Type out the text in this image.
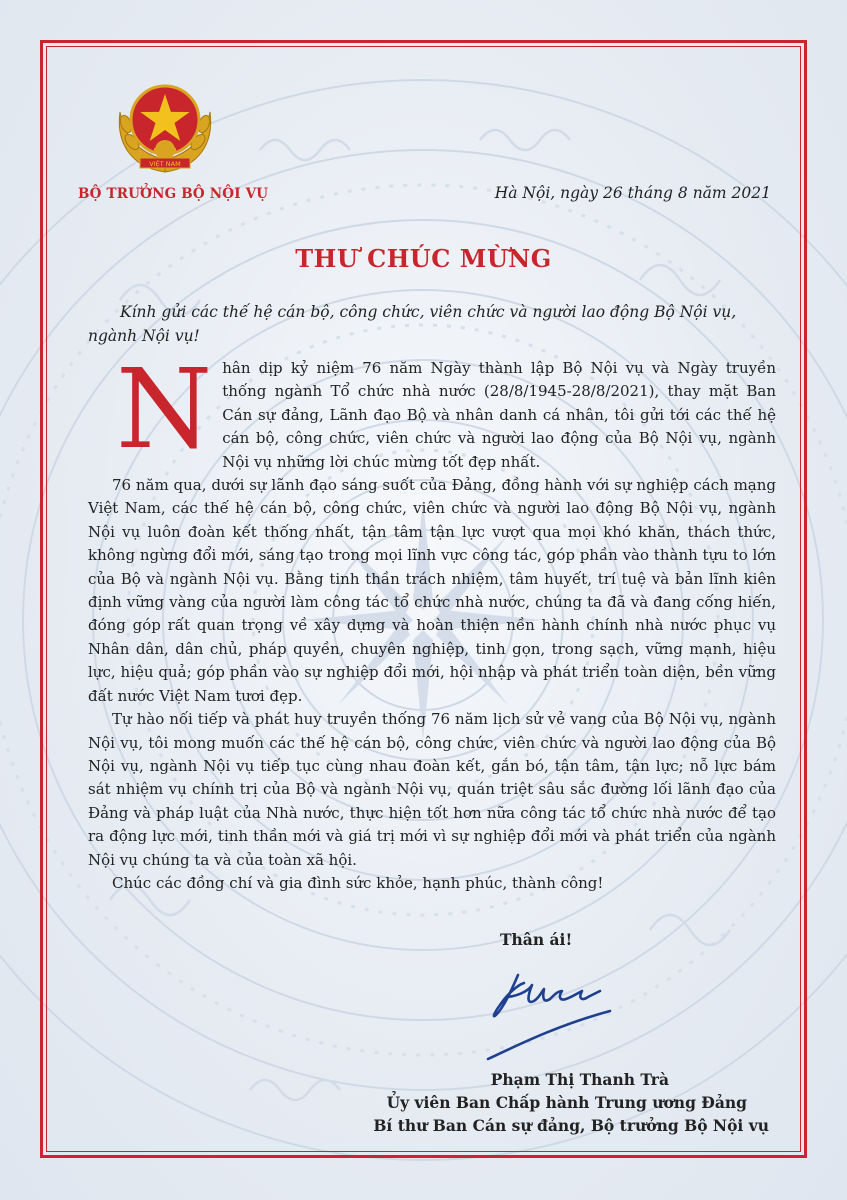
VIỆT NAM
BỘ TRƯỞNG BỘ NỘI VỤ	Hà Nội, ngày 26 tháng 8 năm 2021
THƯ CHÚC MỪNG
Kính gửi các thế hệ cán bộ, công chức, viên chức và người lao động Bộ Nội vụ, ngành Nội vụ!

Nhân dịp kỷ niệm 76 năm Ngày thành lập Bộ Nội vụ và Ngày truyền thống ngành Tổ chức nhà nước (28/8/1945-28/8/2021), thay mặt Ban Cán sự đảng, Lãnh đạo Bộ và nhân danh cá nhân, tôi gửi tới các thế hệ cán bộ, công chức, viên chức và người lao động của Bộ Nội vụ, ngành Nội vụ những lời chúc mừng tốt đẹp nhất.

76 năm qua, dưới sự lãnh đạo sáng suốt của Đảng, đồng hành với sự nghiệp cách mạng Việt Nam, các thế hệ cán bộ, công chức, viên chức và người lao động Bộ Nội vụ, ngành Nội vụ luôn đoàn kết thống nhất, tận tâm tận lực vượt qua mọi khó khăn, thách thức, không ngừng đổi mới, sáng tạo trong mọi lĩnh vực công tác, góp phần vào thành tựu to lớn của Bộ và ngành Nội vụ. Bằng tinh thần trách nhiệm, tâm huyết, trí tuệ và bản lĩnh kiên định vững vàng của người làm công tác tổ chức nhà nước, chúng ta đã và đang cống hiến, đóng góp rất quan trọng về xây dựng và hoàn thiện nền hành chính nhà nước phục vụ Nhân dân, dân chủ, pháp quyền, chuyên nghiệp, tinh gọn, trong sạch, vững mạnh, hiệu lực, hiệu quả; góp phần vào sự nghiệp đổi mới, hội nhập và phát triển toàn diện, bền vững đất nước Việt Nam tươi đẹp.

Tự hào nối tiếp và phát huy truyền thống 76 năm lịch sử vẻ vang của Bộ Nội vụ, ngành Nội vụ, tôi mong muốn các thế hệ cán bộ, công chức, viên chức và người lao động của Bộ Nội vụ, ngành Nội vụ tiếp tục cùng nhau đoàn kết, gắn bó, tận tâm, tận lực; nỗ lực bám sát nhiệm vụ chính trị của Bộ và ngành Nội vụ, quán triệt sâu sắc đường lối lãnh đạo của Đảng và pháp luật của Nhà nước, thực hiện tốt hơn nữa công tác tổ chức nhà nước để tạo ra động lực mới, tinh thần mới và giá trị mới vì sự nghiệp đổi mới và phát triển của ngành Nội vụ chúng ta và của toàn xã hội.

Chúc các đồng chí và gia đình sức khỏe, hạnh phúc, thành công!

Thân ái!
Phạm Thị Thanh Trà
Ủy viên Ban Chấp hành Trung ương Đảng
Bí thư Ban Cán sự đảng, Bộ trưởng Bộ Nội vụ
